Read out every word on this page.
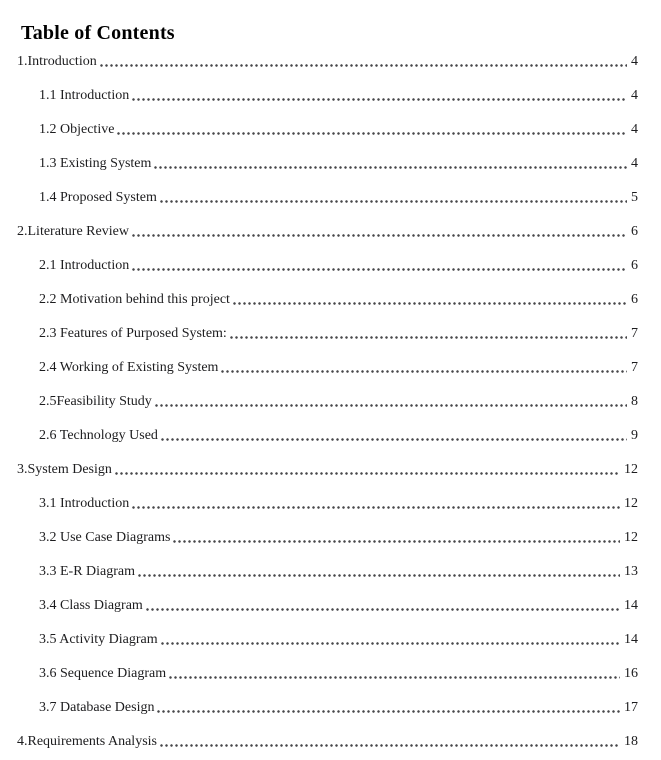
Table of Contents
1.Introduction	4
1.1 Introduction	4
1.2 Objective	4
1.3 Existing System	4
1.4 Proposed System	5
2.Literature Review	6
2.1 Introduction	6
2.2 Motivation behind this project	6
2.3 Features of Purposed System:	7
2.4 Working of Existing System	7
2.5Feasibility Study	8
2.6 Technology Used	9
3.System Design	12
3.1 Introduction	12
3.2 Use Case Diagrams	12
3.3 E-R Diagram	13
3.4 Class Diagram	14
3.5 Activity Diagram	14
3.6 Sequence Diagram	16
3.7 Database Design	17
4.Requirements Analysis	18
